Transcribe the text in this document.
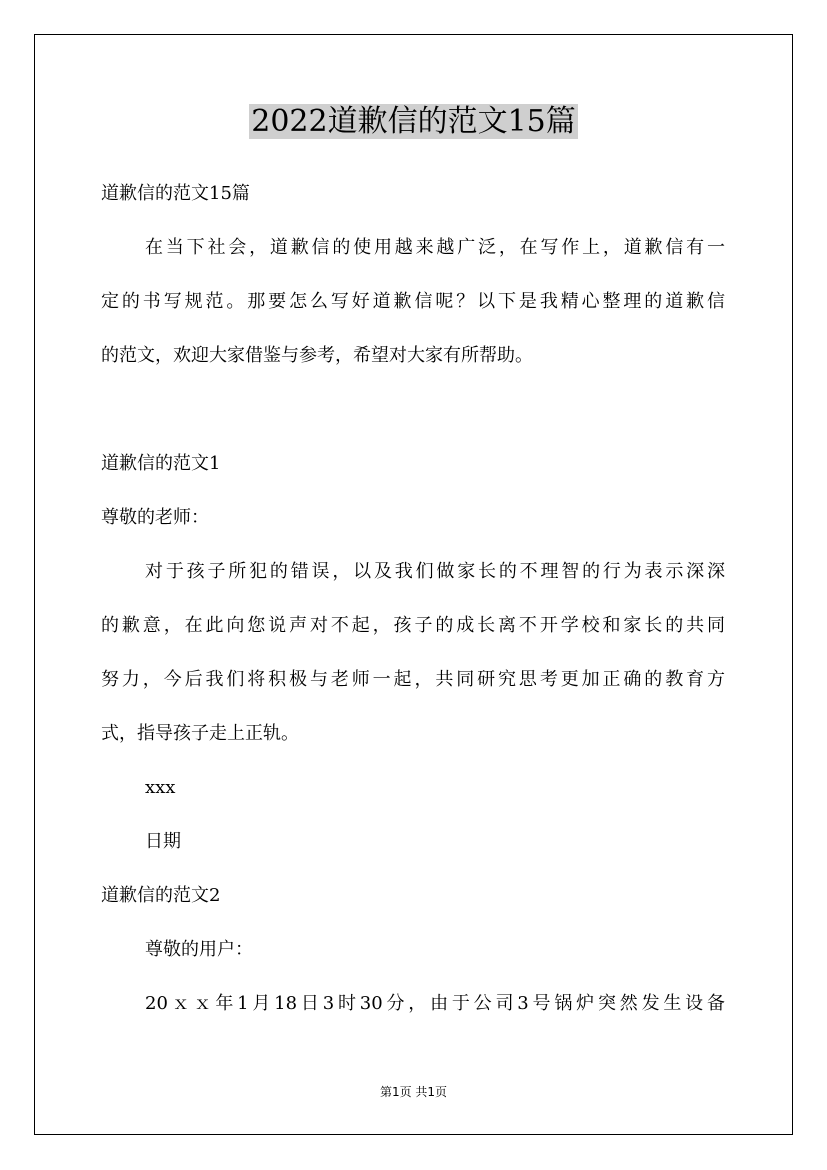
2022道歉信的范文15篇
道歉信的范文15篇
在当下社会，道歉信的使用越来越广泛，在写作上，道歉信有一
定的书写规范。那要怎么写好道歉信呢？以下是我精心整理的道歉信
的范文，欢迎大家借鉴与参考，希望对大家有所帮助。
道歉信的范文1
尊敬的老师：
对于孩子所犯的错误，以及我们做家长的不理智的行为表示深深
的歉意，在此向您说声对不起，孩子的成长离不开学校和家长的共同
努力，今后我们将积极与老师一起，共同研究思考更加正确的教育方
式，指导孩子走上正轨。
xxx
日期
道歉信的范文2
尊敬的用户：
20ｘｘ年1月18日3时30分，由于公司3号锅炉突然发生设备
第1页 共1页
